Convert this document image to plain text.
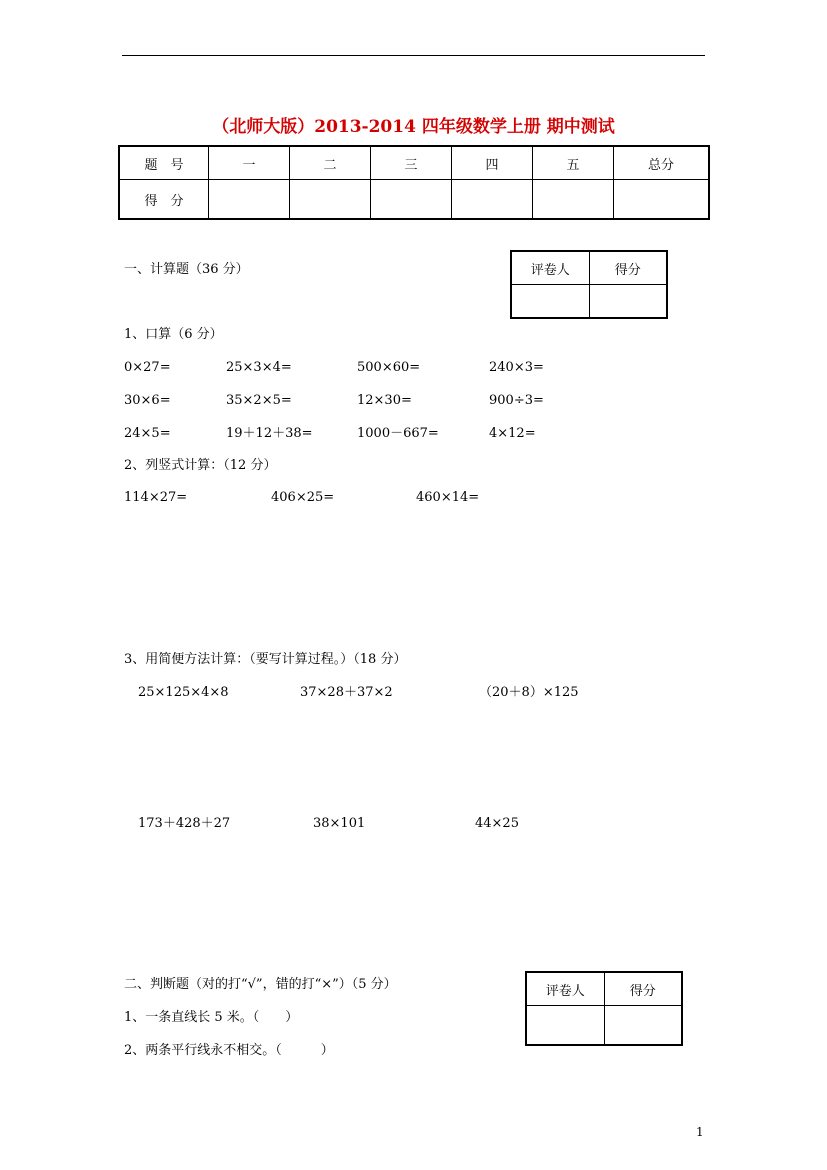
（北师大版）2013-2014 四年级数学上册 期中测试
题　号	一	二	三	四	五	总分
得　分						
一、计算题（36 分）	评卷人	得分

1、口算（6 分）
0×27=	25×3×4=	500×60=	240×3=
30×6=	35×2×5=	12×30=	900÷3=
24×5=	19＋12＋38=	1000－667=	4×12=
2、列竖式计算：（12 分）
114×27=	406×25=	460×14=
3、用简便方法计算：（要写计算过程。）（18 分）
25×125×4×8	37×28＋37×2	（20＋8）×125
173＋428＋27	38×101	44×25
二、判断题（对的打“√”，错的打“×”）（5 分）	评卷人	得分

1、一条直线长 5 米。（　　）
2、两条平行线永不相交。（　　　）
1
